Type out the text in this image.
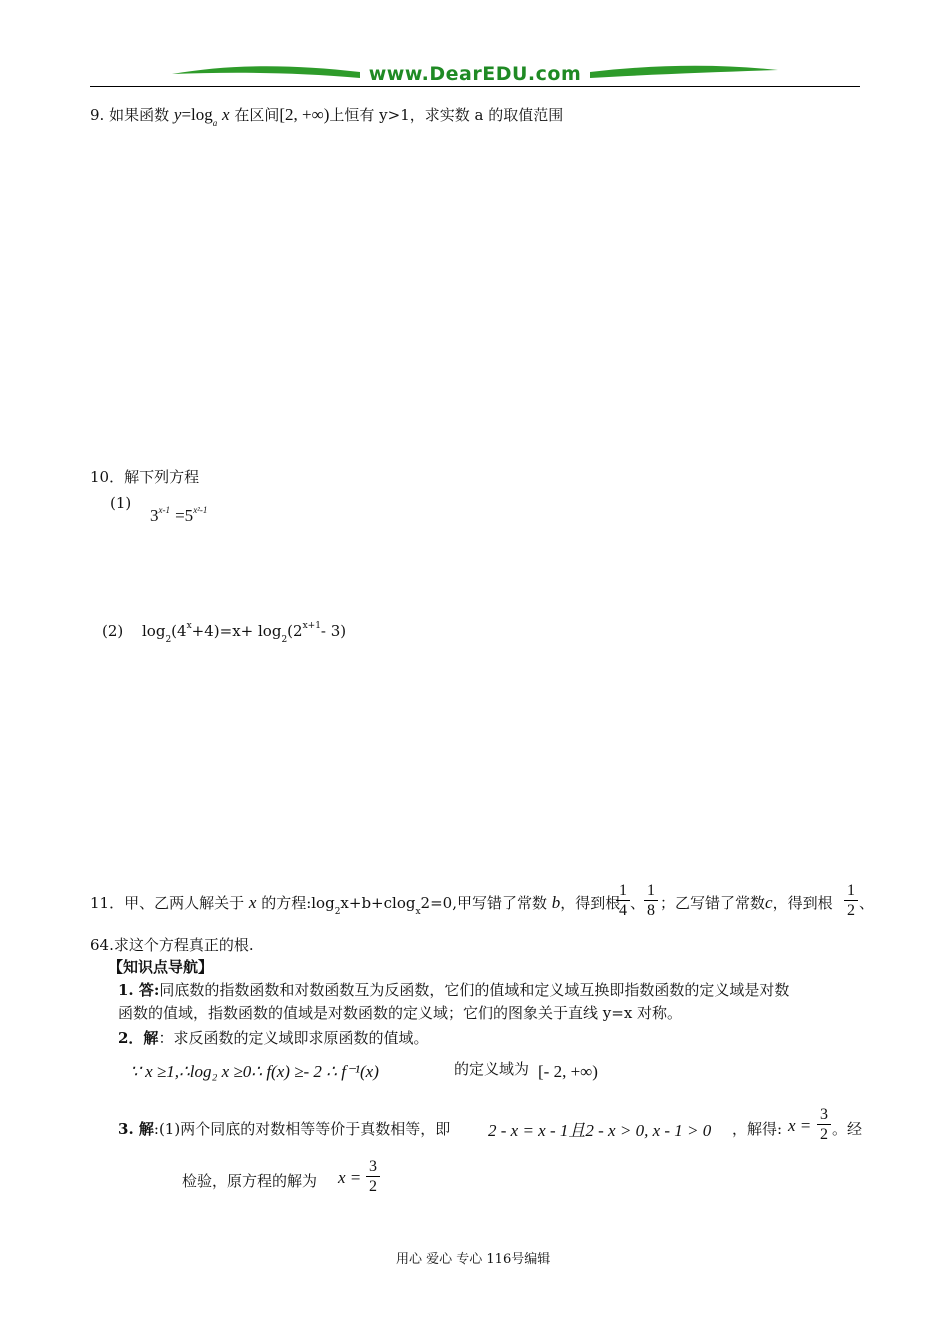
www.DearEDU.com
9. 如果函数 $y=\log_a$ x 在区间[2, +∞)上恒有 y>1，求实数 a 的取值范围
10．解下列方程
(1)
$3^{x-1} =5^{x^2-1}$
(2) $\log_2(4^x+4)=x+ \log_2(2^{x+1}-$ 3)
11．甲、乙两人解关于 x 的方程$:\log_2x+b+clog_x2=0$,甲写错了常数 b，得到根
1
4 、
1
8 ；乙写错了常数c，得到根
1
2 、
64.求这个方程真正的根.
【知识点导航】
1. 答:同底数的指数函数和对数函数互为反函数，它们的值域和定义域互换即指数函数的定义域是对数
函数的值域，指数函数的值域是对数函数的定义域；它们的图象关于直线 y=x 对称。
2．解：求反函数的定义域即求原函数的值域。
∵ x ≥1,∴log₂ x ≥0∴ f(x) ≥- 2 ∴ f⁻¹(x)	的定义域为 [- 2, +∞)
3. 解:(1)两个同底的对数相等等价于真数相等，即 2 - x = x - 1且2 - x > 0, x - 1 > 0 ，解得: x =
3
2 。经
检验，原方程的解为 x =
3
2
用心 爱心 专心 116号编辑
